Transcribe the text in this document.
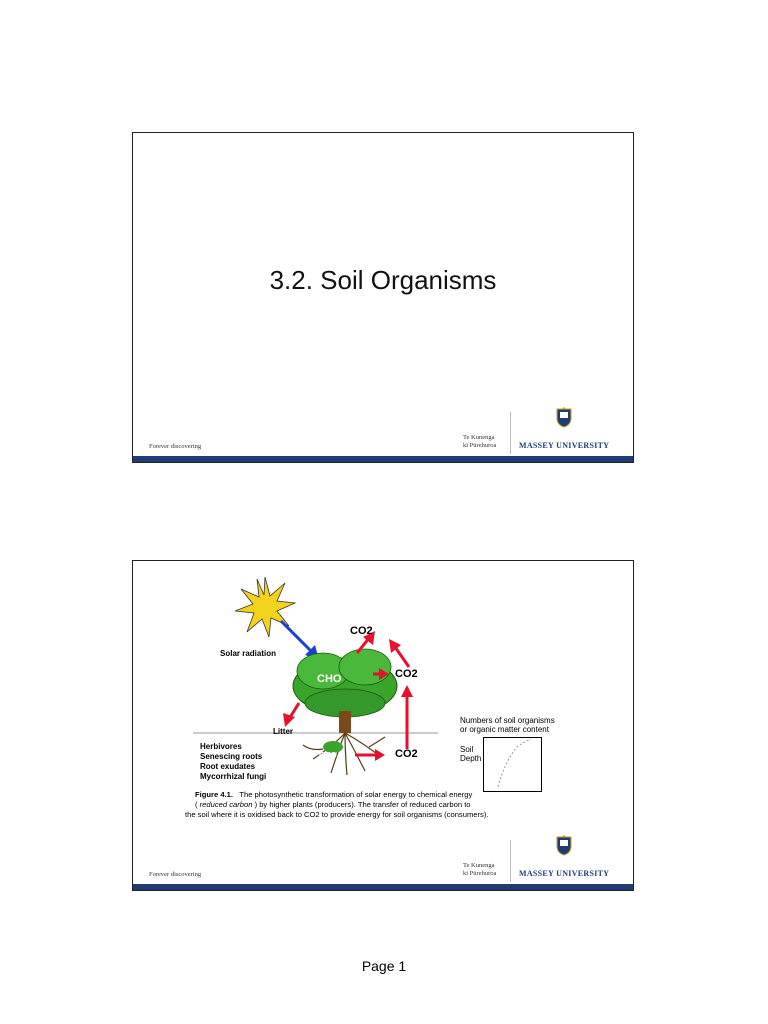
3.2. Soil Organisms
Forever discovering
Te Kunenga
ki Pūrehuroa	MASSEY UNIVERSITY
Solar radiation
CO2
CO2
CO2
CHO
CHO
Litter
Herbivores
Senescing roots
Root exudates
Mycorrhizal fungi
Numbers of soil organisms
or organic matter content
Soil
Depth
Figure 4.1. The photosynthetic transformation of solar energy to chemical energy
( reduced carbon ) by higher plants (producers). The transfer of reduced carbon to
the soil where it is oxidised back to CO2 to provide energy for soil organisms (consumers).
Forever discovering
Te Kunenga
ki Pūrehuroa	MASSEY UNIVERSITY
Page 1
